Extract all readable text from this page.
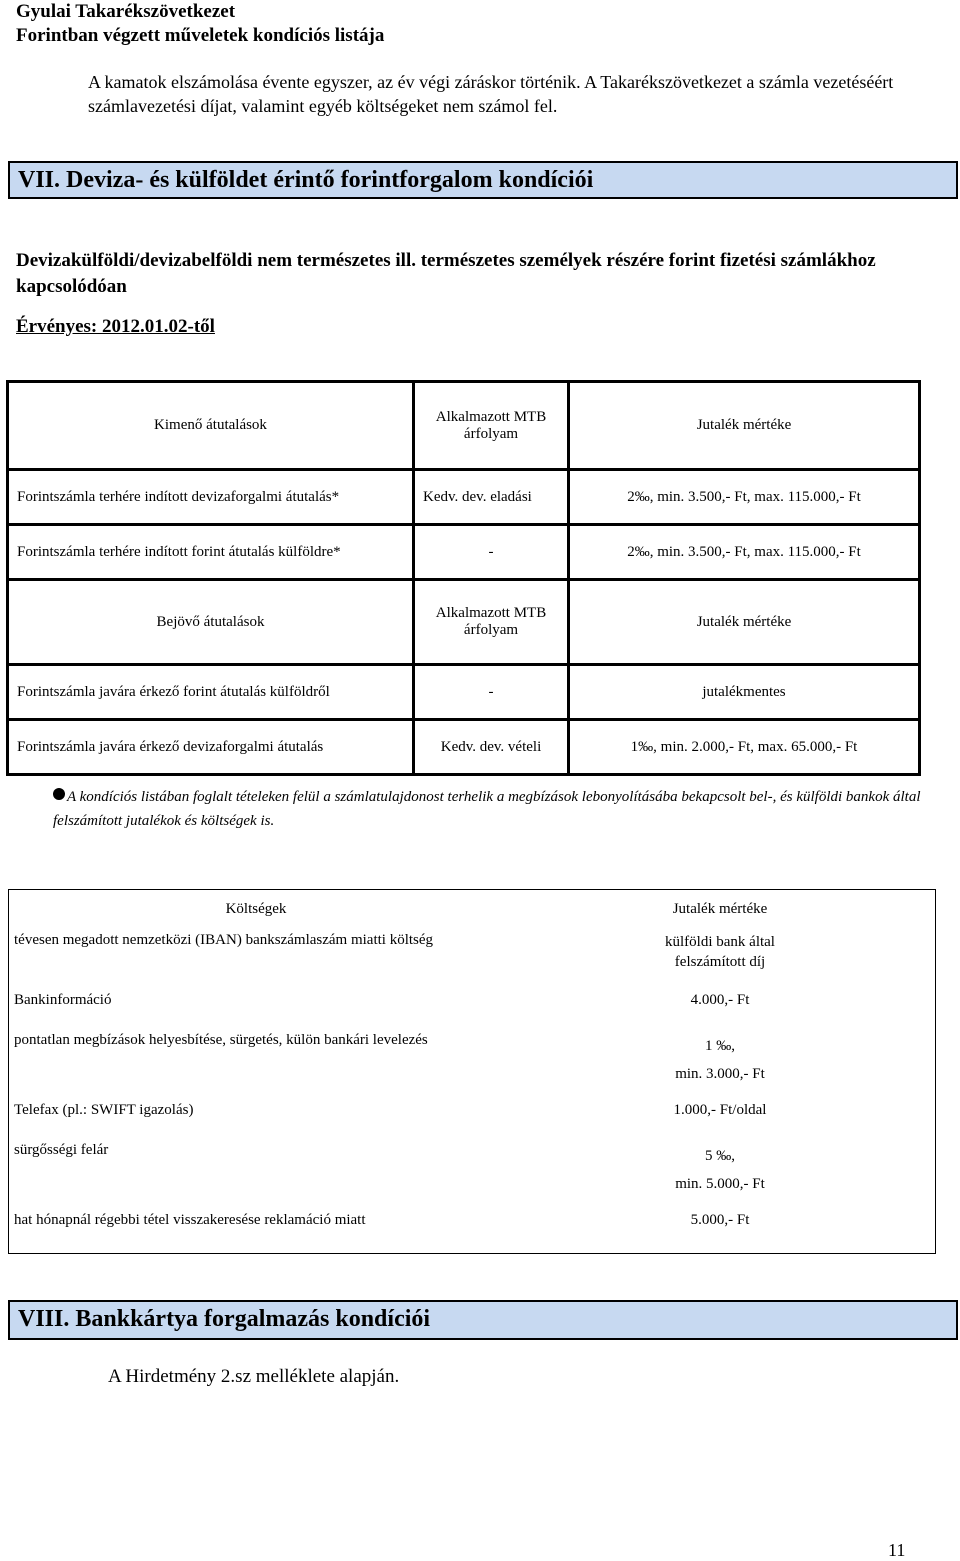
Gyulai Takarékszövetkezet
Forintban végzett műveletek kondíciós listája
A kamatok elszámolása évente egyszer, az év végi záráskor történik. A Takarékszövetkezet a számla vezetéséért számlavezetési díjat, valamint egyéb költségeket nem számol fel.
VII. Deviza- és külföldet érintő forintforgalom kondíciói
Devizakülföldi/devizabelföldi nem természetes ill. természetes személyek részére forint fizetési számlákhoz kapcsolódóan
Érvényes: 2012.01.02-től
Kimenő átutalások	Alkalmazott MTB árfolyam	Jutalék mértéke
Forintszámla terhére indított devizaforgalmi átutalás*	Kedv. dev. eladási	2‰, min. 3.500,- Ft, max. 115.000,- Ft
Forintszámla terhére indított forint átutalás külföldre*	-	2‰, min. 3.500,- Ft, max. 115.000,- Ft
Bejövő átutalások	Alkalmazott MTB árfolyam	Jutalék mértéke
Forintszámla javára érkező forint átutalás külföldről	-	jutalékmentes
Forintszámla javára érkező devizaforgalmi átutalás	Kedv. dev. vételi	1‰, min. 2.000,- Ft, max. 65.000,- Ft
A kondíciós listában foglalt tételeken felül a számlatulajdonost terhelik a megbízások lebonyolításába bekapcsolt bel-, és külföldi bankok által felszámított jutalékok és költségek is.
Költségek	Jutalék mértéke
tévesen megadott nemzetközi (IBAN) bankszámlaszám miatti költség	külföldi bank által
felszámított díj

Bankinformáció	4.000,- Ft

pontatlan megbízások helyesbítése, sürgetés, külön bankári levelezés	1 ‰,
min. 3.000,- Ft

Telefax (pl.: SWIFT igazolás)	1.000,- Ft/oldal

sürgősségi felár	5 ‰,
min. 5.000,- Ft

hat hónapnál régebbi tétel visszakeresése reklamáció miatt	5.000,- Ft
VIII. Bankkártya forgalmazás kondíciói
A Hirdetmény 2.sz melléklete alapján.
11
